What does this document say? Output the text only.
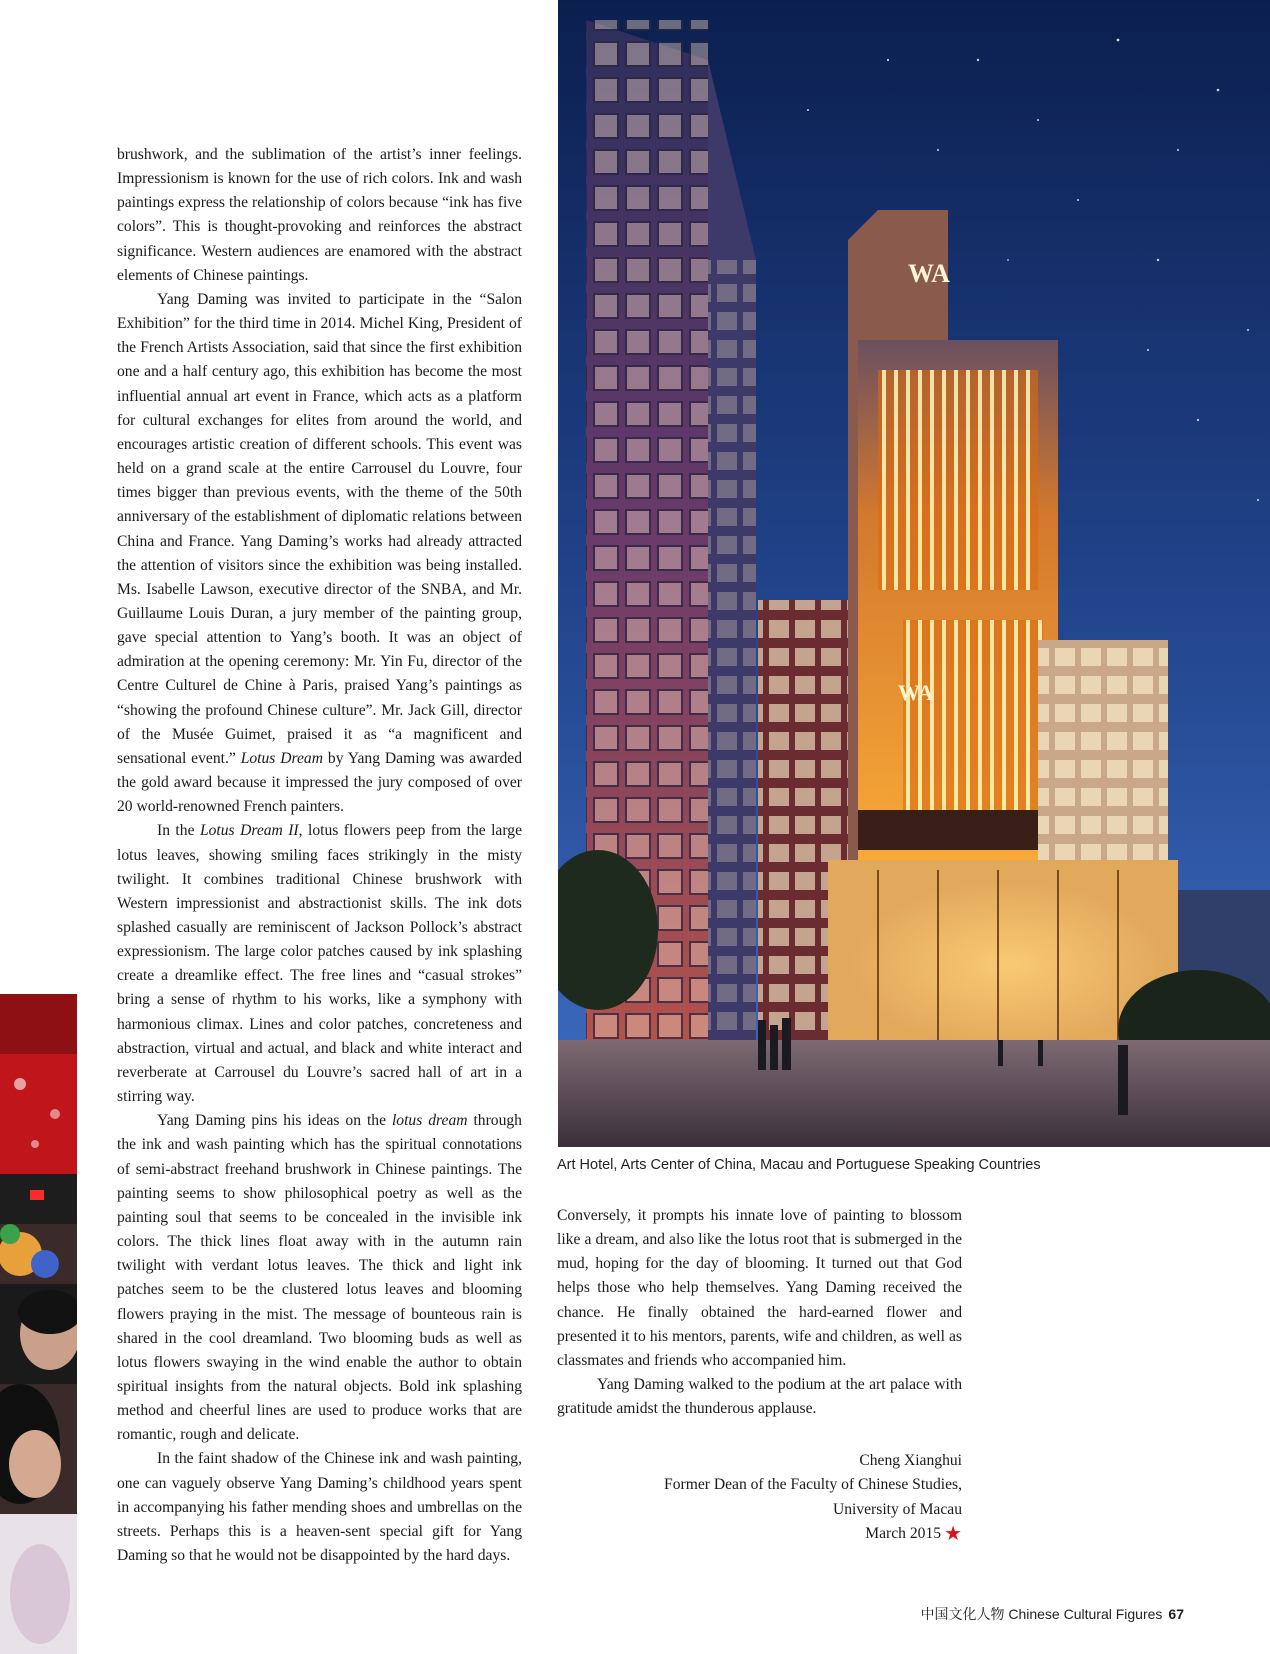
brushwork, and the sublimation of the artist’s inner feelings. Impressionism is known for the use of rich colors. Ink and wash paintings express the relationship of colors because “ink has five colors”. This is thought-provoking and reinforces the abstract significance. Western audiences are enamored with the abstract elements of Chinese paintings.

Yang Daming was invited to participate in the “Salon Exhibition” for the third time in 2014. Michel King, President of the French Artists Association, said that since the first exhibition one and a half century ago, this exhibition has become the most influential annual art event in France, which acts as a platform for cultural exchanges for elites from around the world, and encourages artistic creation of different schools. This event was held on a grand scale at the entire Carrousel du Louvre, four times bigger than previous events, with the theme of the 50th anniversary of the establishment of diplomatic relations between China and France. Yang Daming’s works had already attracted the attention of visitors since the exhibition was being installed. Ms. Isabelle Lawson, executive director of the SNBA, and Mr. Guillaume Louis Duran, a jury member of the painting group, gave special attention to Yang’s booth. It was an object of admiration at the opening ceremony: Mr. Yin Fu, director of the Centre Culturel de Chine à Paris, praised Yang’s paintings as “showing the profound Chinese culture”. Mr. Jack Gill, director of the Musée Guimet, praised it as “a magnificent and sensational event.” Lotus Dream by Yang Daming was awarded the gold award because it impressed the jury composed of over 20 world-renowned French painters.

In the Lotus Dream II, lotus flowers peep from the large lotus leaves, showing smiling faces strikingly in the misty twilight. It combines traditional Chinese brushwork with Western impressionist and abstractionist skills. The ink dots splashed casually are reminiscent of Jackson Pollock’s abstract expressionism. The large color patches caused by ink splashing create a dreamlike effect. The free lines and “casual strokes” bring a sense of rhythm to his works, like a symphony with harmonious climax. Lines and color patches, concreteness and abstraction, virtual and actual, and black and white interact and reverberate at Carrousel du Louvre’s sacred hall of art in a stirring way.

Yang Daming pins his ideas on the lotus dream through the ink and wash painting which has the spiritual connotations of semi-abstract freehand brushwork in Chinese paintings. The painting seems to show philosophical poetry as well as the painting soul that seems to be concealed in the invisible ink colors. The thick lines float away with in the autumn rain twilight with verdant lotus leaves. The thick and light ink patches seem to be the clustered lotus leaves and blooming flowers praying in the mist. The message of bounteous rain is shared in the cool dreamland. Two blooming buds as well as lotus flowers swaying in the wind enable the author to obtain spiritual insights from the natural objects. Bold ink splashing method and cheerful lines are used to produce works that are romantic, rough and delicate.

In the faint shadow of the Chinese ink and wash painting, one can vaguely observe Yang Daming’s childhood years spent in accompanying his father mending shoes and umbrellas on the streets. Perhaps this is a heaven-sent special gift for Yang Daming so that he would not be disappointed by the hard days.

WA
WA
Art Hotel, Arts Center of China, Macau and Portuguese Speaking Countries

Conversely, it prompts his innate love of painting to blossom like a dream, and also like the lotus root that is submerged in the mud, hoping for the day of blooming. It turned out that God helps those who help themselves. Yang Daming received the chance. He finally obtained the hard-earned flower and presented it to his mentors, parents, wife and children, as well as classmates and friends who accompanied him.

Yang Daming walked to the podium at the art palace with gratitude amidst the thunderous applause.

Cheng Xianghui
Former Dean of the Faculty of Chinese Studies,
University of Macau
March 2015 ★
中国文化人物 Chinese Cultural Figures 67
